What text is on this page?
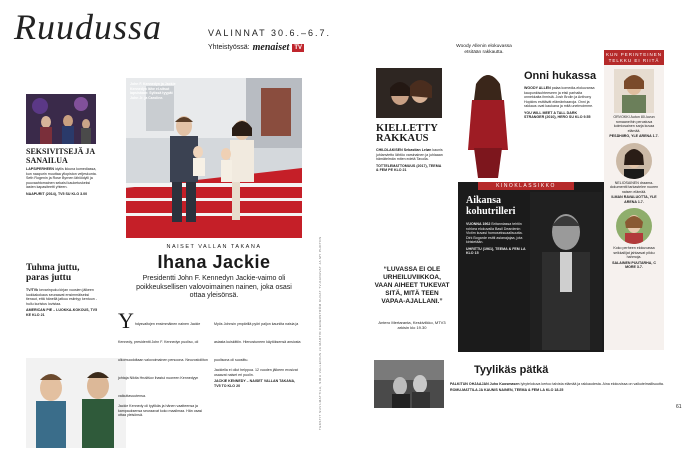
Ruudussa	VALINNAT 30.6.–6.7.
Yhteistyössä: menaiset TV
SEKSIVITSEJÄ JA SANAILUA
LAPSIPERHEEN idyllis ikkuna komediassa, kun naapurin muuttaa yllopiston veljeskunta. Seth Rogenin ja Rose Byrnen lähiöidylli ja puuvaahtomainen sekaisi kauketuskeksi lasten kapasiteetti yhteen.
NAAPURIT (2014), TV5 SU KLO 3.00
Tuhma juttu, paras juttu
TV/TVk kevarinpuku kirjan vuosien jälkeen luokkakokaus seuraavat ensimmäiseksi tienaut, että hänellä jatkuu esiintyy kentuun - hullu kuristus lovistaa.
AMERICAN PIE – LUOKKA-KOKOUS, TV5 KE KLO 21
John F. Kennedyn ja Jackie Kennedyn lähe el-sitsut lapsistaan: Sylissä tyypät John Jr. ja Caroline.
NAISET VALLAN TAKANA
Ihana Jackie
Presidentti John F. Kennedyn Jackie-vaimo oli poikkeuksellisen valovoimainen nainen, joka osasi ottaa yleisönsä.
Y hdysvaltojen ensimmäinen nainen Jackie Kennedy, presidentti John F. Kennedyn puoliso, oli ulkomuodoltaan valovoimainen persoona. Neuvostoliiton johtaja Nikita Hruštšov ihastui nuoreen Kennedyyn vaikuttavuutensa.
Jackie Kennedy oli tyylikäs ja hänen vaatteensa ja kampauksensa seuraavat koko maailmaa. Hän osasi ottaa yleisönsä.
Myös Johnsin ympärillä pyöri paljon kauniita naisia ja asiasta kuiskittiin. Hienostuneen käytöksensä ansiosta puolisona oli suosittu.
Jackiella ei ollut helppoa. 12 vuoden jälkeen erosivat osaavat naiset eri puolin.
JACKIE KENNEDY – NAISET VALLAN TAKANA, TV5 TO KLO 20	TEKSTIT SUVI-MATTILA, SIRU VALLENIUS JA MARTIN CEDERSTRÖM KUVAT TV-KANAVAT JA MY PHOTOS
KIELLETTY RAKKAUS
CHILDLAKISEN Sebastian Leløn kaunis juhlanvietto lähtöo varsinainen ja juhlaaan hämätelmän miten edetä Tavolla.
TOTTELEMATTOMUUS (2017), TEEMA & FEM PE KLO 21
Woody Allenin elokuvassa etsitään rakkautta.
Onni hukassa
WOODY ALLEN palaa komedia-elokuvansa kaupunkisuhteeseen ja etsii parhaita onnekkaita ihmisiä. Josh Brolin ja Anthony Hopkins esittävät elämänhaaroja. Onni ja rakkaus ovat kaukana ja mitä unelmoimme.
YOU WILL MEET A TALL DARK STRANGER (2010), HERO SU KLO 9.55
KUN PERINTEINEN TELKKU EI RIITÄ
ORVOKKI Auton 80-luvun romaaneihin perustuva kolmiosainen sarja kuvaa elämää.
PESÄHIIRO, YLE ARENA 1.7.
NELIOSAINEN draama-dokumentti tarkastelee nuoren naisen elämää.
ILMAN RAVALUOTTA, YLE ARENA 1.7.
Koko perheen elokuvassa seikkailijat jahtaavat pikku hahmoja.
SALAINEN PUUTARHA, C MORE 3.7.
“LUVASSA EI OLE URHEILUVIIKKOA, VAAN AIHEET TUKEVAT SITÄ, MITÄ TEEN VAPAA-AJALLANI.”
Antero Mertaranta, Keskiviikko, MTV3 arkisin klo 19.30
KINOKLASSIKKO
Aikansa kohutrilleri
VUONNA 1962 Britanniassa tehtiin rohkea elokuvalla Basil Deardenin Victim kuvasi homoseksuaalisuutta. Dirk Bogarde esitti asianajajaa, jota kiristetään.
UHRITTU (1961), TEEMA & FEM LA KLO 15
Tyylikäs pätkä
PALKITUN OHJAAJAN Juho Kuosmasen lyhytelokuva kertoo talvista elämää ja rakkaudesta. Aina elokuvissa on vaikutelmallisuutta.
ROMU-MATTILA JA KAUNIS NAINEN, TEEMA & FEM LA KLO 18.25
61
